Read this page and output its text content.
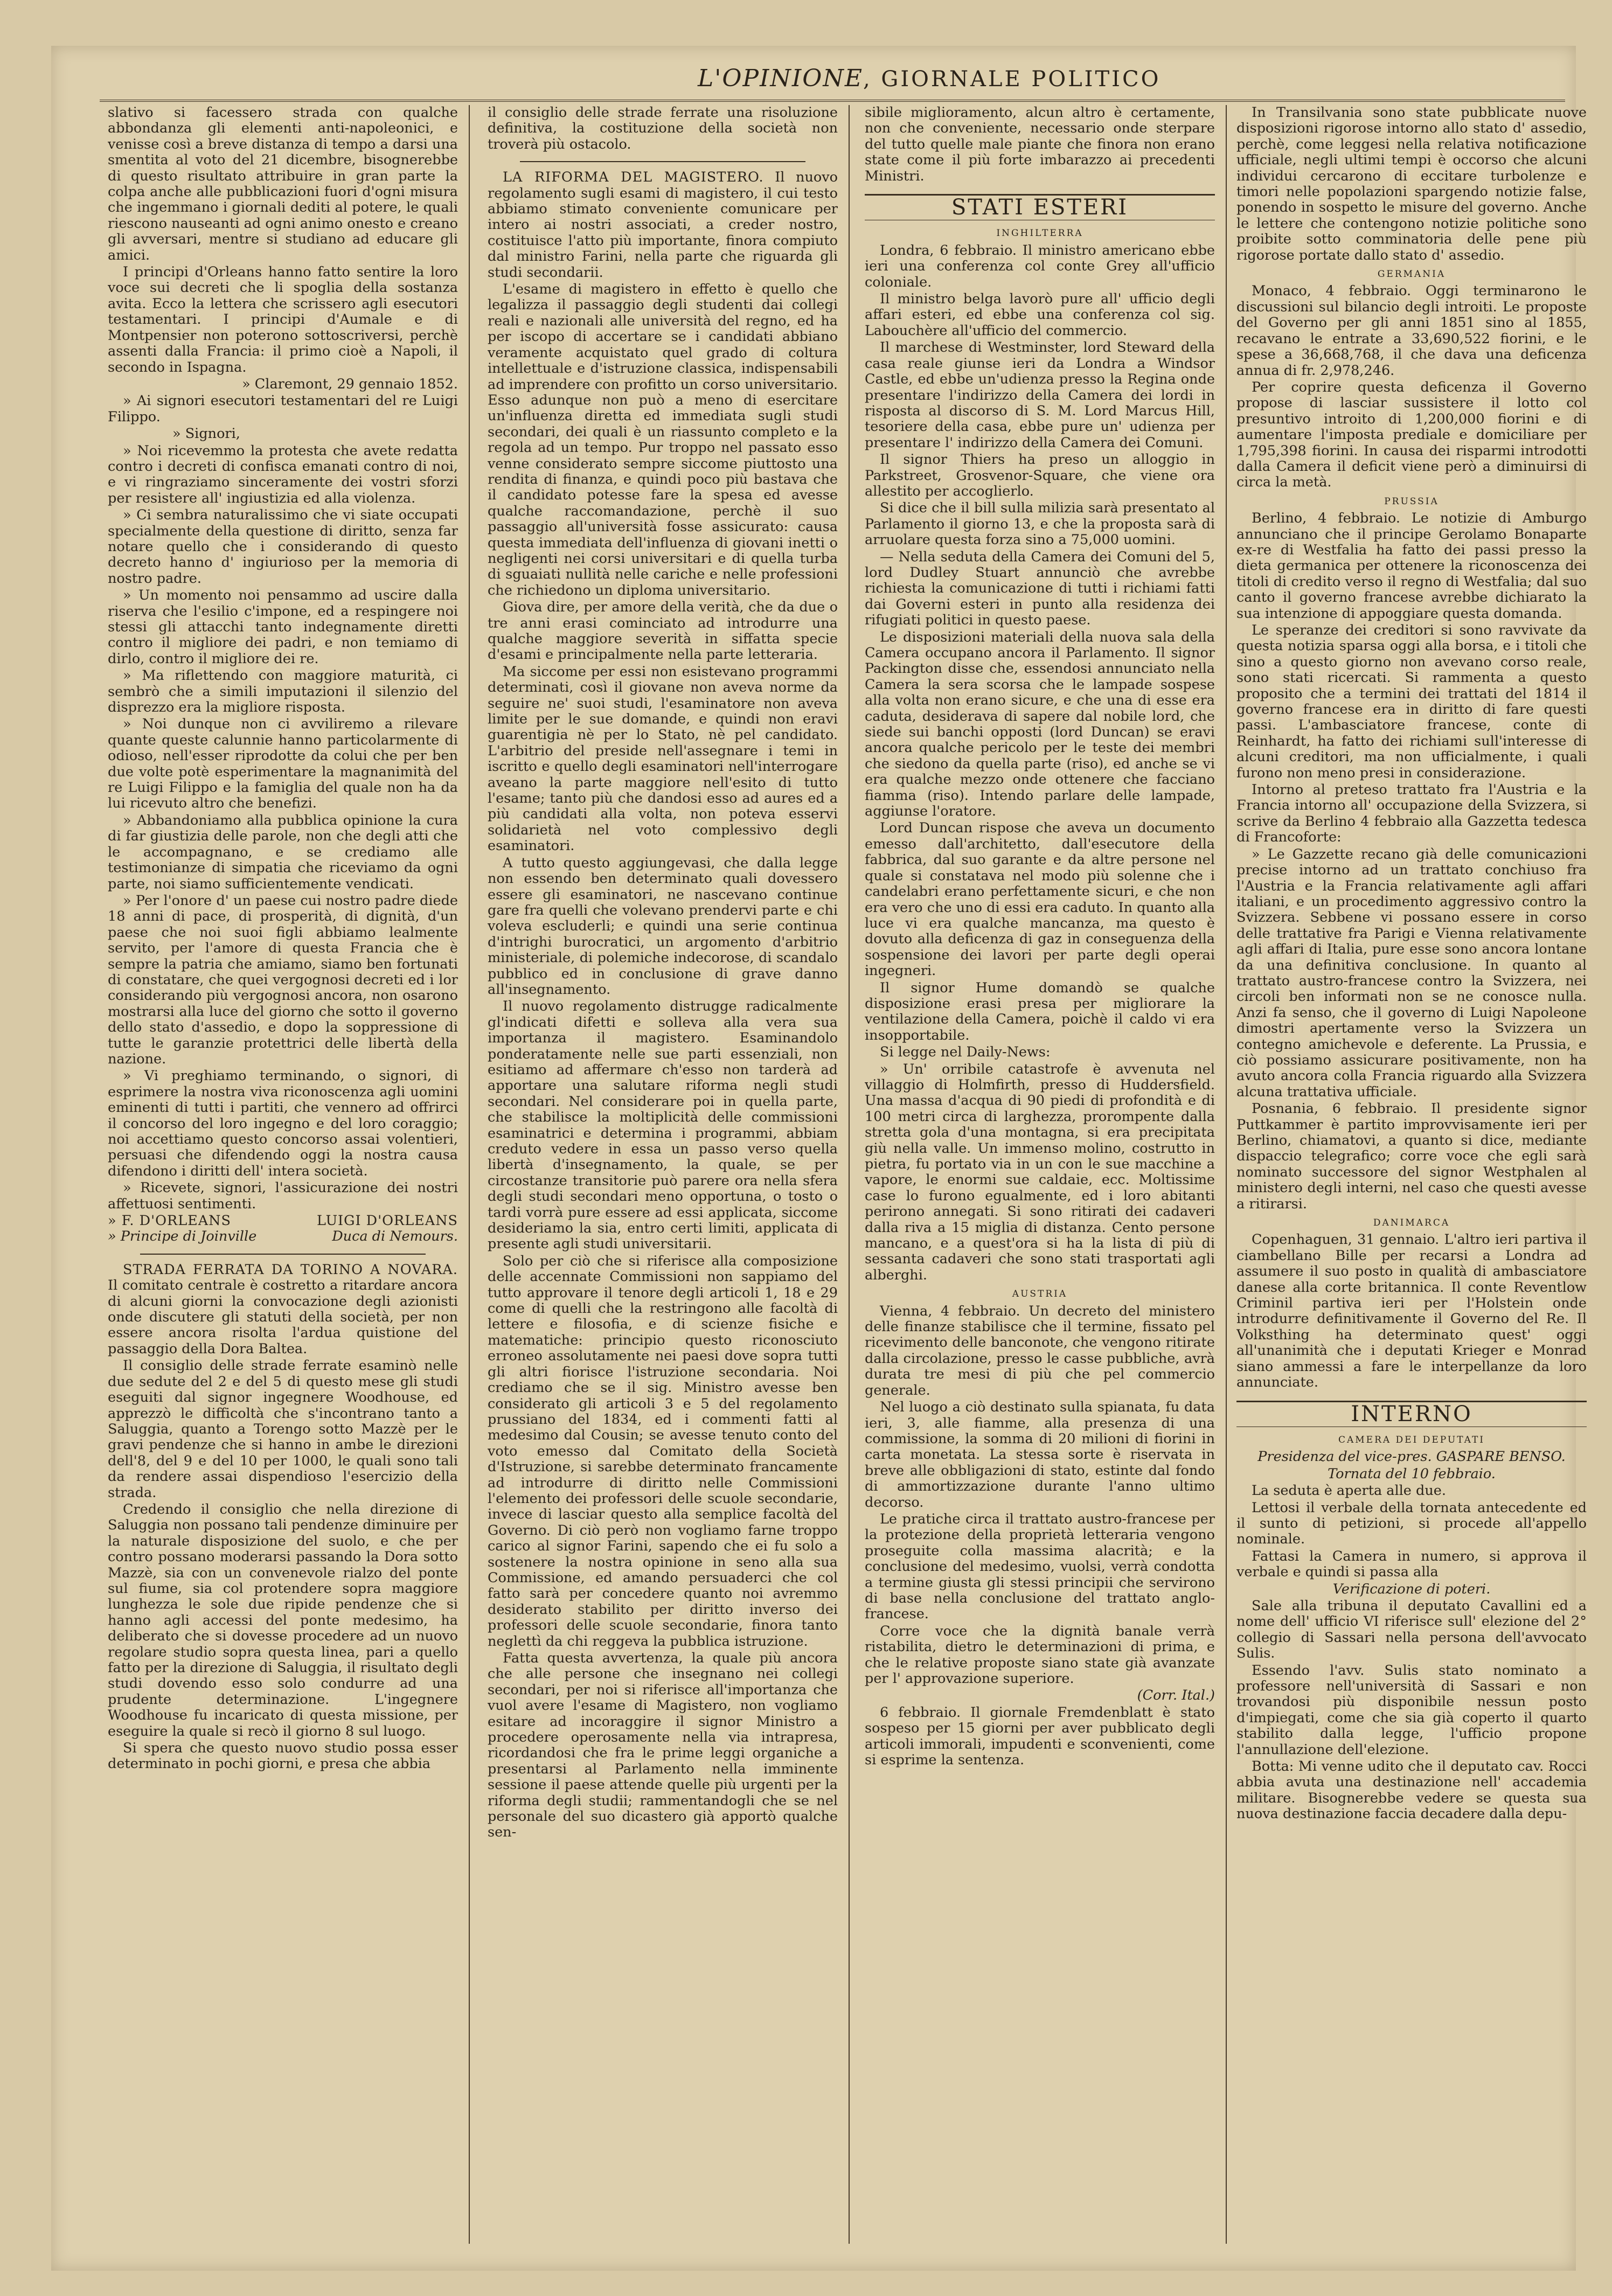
L'OPINIONE, GIORNALE POLITICO

slativo si facessero strada con qualche abbondanza gli elementi anti-napoleonici, e venisse così a breve distanza di tempo a darsi una smentita al voto del 21 dicembre, bisognerebbe di questo risultato attribuire in gran parte la colpa anche alle pubblicazioni fuori d'ogni misura che ingemmano i giornali dediti al potere, le quali riescono nauseanti ad ogni animo onesto e creano gli avversari, mentre si studiano ad educare gli amici.

I principi d'Orleans hanno fatto sentire la loro voce sui decreti che li spoglia della sostanza avita. Ecco la lettera che scrissero agli esecutori testamentari. I principi d'Aumale e di Montpensier non poterono sottoscriversi, perchè assenti dalla Francia: il primo cioè a Napoli, il secondo in Ispagna.

» Claremont, 29 gennaio 1852.

» Ai signori esecutori testamentari del re Luigi Filippo.

» Signori,

» Noi ricevemmo la protesta che avete redatta contro i decreti di confisca emanati contro di noi, e vi ringraziamo sinceramente dei vostri sforzi per resistere all' ingiustizia ed alla violenza.

» Ci sembra naturalissimo che vi siate occupati specialmente della questione di diritto, senza far notare quello che i considerando di questo decreto hanno d' ingiurioso per la memoria di nostro padre.

» Un momento noi pensammo ad uscire dalla riserva che l'esilio c'impone, ed a respingere noi stessi gli attacchi tanto indegnamente diretti contro il migliore dei padri, e non temiamo di dirlo, contro il migliore dei re.

» Ma riflettendo con maggiore maturità, ci sembrò che a simili imputazioni il silenzio del disprezzo era la migliore risposta.

» Noi dunque non ci avviliremo a rilevare quante queste calunnie hanno particolarmente di odioso, nell'esser riprodotte da colui che per ben due volte potè esperimentare la magnanimità del re Luigi Filippo e la famiglia del quale non ha da lui ricevuto altro che benefizi.

» Abbandoniamo alla pubblica opinione la cura di far giustizia delle parole, non che degli atti che le accompagnano, e se crediamo alle testimonianze di simpatia che riceviamo da ogni parte, noi siamo sufficientemente vendicati.

» Per l'onore d' un paese cui nostro padre diede 18 anni di pace, di prosperità, di dignità, d'un paese che noi suoi figli abbiamo lealmente servito, per l'amore di questa Francia che è sempre la patria che amiamo, siamo ben fortunati di constatare, che quei vergognosi decreti ed i lor considerando più vergognosi ancora, non osarono mostrarsi alla luce del giorno che sotto il governo dello stato d'assedio, e dopo la soppressione di tutte le garanzie protettrici delle libertà della nazione.

» Vi preghiamo terminando, o signori, di esprimere la nostra viva riconoscenza agli uomini eminenti di tutti i partiti, che vennero ad offrirci il concorso del loro ingegno e del loro coraggio; noi accettiamo questo concorso assai volentieri, persuasi che difendendo oggi la nostra causa difendono i diritti dell' intera società.

» Ricevete, signori, l'assicurazione dei nostri affettuosi sentimenti.

» F. D'ORLEANS	LUIGI D'ORLEANS
» Principe di Joinville	Duca di Nemours.

STRADA FERRATA DA TORINO A NOVARA. Il comitato centrale è costretto a ritardare ancora di alcuni giorni la convocazione degli azionisti onde discutere gli statuti della società, per non essere ancora risolta l'ardua quistione del passaggio della Dora Baltea.

Il consiglio delle strade ferrate esaminò nelle due sedute del 2 e del 5 di questo mese gli studi eseguiti dal signor ingegnere Woodhouse, ed apprezzò le difficoltà che s'incontrano tanto a Saluggia, quanto a Torengo sotto Mazzè per le gravi pendenze che si hanno in ambe le direzioni dell'8, del 9 e del 10 per 1000, le quali sono tali da rendere assai dispendioso l'esercizio della strada.

Credendo il consiglio che nella direzione di Saluggia non possano tali pendenze diminuire per la naturale disposizione del suolo, e che per contro possano moderarsi passando la Dora sotto Mazzè, sia con un convenevole rialzo del ponte sul fiume, sia col protendere sopra maggiore lunghezza le sole due ripide pendenze che si hanno agli accessi del ponte medesimo, ha deliberato che si dovesse procedere ad un nuovo regolare studio sopra questa linea, pari a quello fatto per la direzione di Saluggia, il risultato degli studi dovendo esso solo condurre ad una prudente determinazione. L'ingegnere Woodhouse fu incaricato di questa missione, per eseguire la quale si recò il giorno 8 sul luogo.

Si spera che questo nuovo studio possa esser determinato in pochi giorni, e presa che abbia

il consiglio delle strade ferrate una risoluzione definitiva, la costituzione della società non troverà più ostacolo.

LA RIFORMA DEL MAGISTERO. Il nuovo regolamento sugli esami di magistero, il cui testo abbiamo stimato conveniente comunicare per intero ai nostri associati, a creder nostro, costituisce l'atto più importante, finora compiuto dal ministro Farini, nella parte che riguarda gli studi secondarii.

L'esame di magistero in effetto è quello che legalizza il passaggio degli studenti dai collegi reali e nazionali alle università del regno, ed ha per iscopo di accertare se i candidati abbiano veramente acquistato quel grado di coltura intellettuale e d'istruzione classica, indispensabili ad imprendere con profitto un corso universitario. Esso adunque non può a meno di esercitare un'influenza diretta ed immediata sugli studi secondari, dei quali è un riassunto completo e la regola ad un tempo. Pur troppo nel passato esso venne considerato sempre siccome piuttosto una rendita di finanza, e quindi poco più bastava che il candidato potesse fare la spesa ed avesse qualche raccomandazione, perchè il suo passaggio all'università fosse assicurato: causa questa immediata dell'influenza di giovani inetti o negligenti nei corsi universitari e di quella turba di sguaiati nullità nelle cariche e nelle professioni che richiedono un diploma universitario.

Giova dire, per amore della verità, che da due o tre anni erasi cominciato ad introdurre una qualche maggiore severità in siffatta specie d'esami e principalmente nella parte letteraria.

Ma siccome per essi non esistevano programmi determinati, così il giovane non aveva norme da seguire ne' suoi studi, l'esaminatore non aveva limite per le sue domande, e quindi non eravi guarentigia nè per lo Stato, nè pel candidato. L'arbitrio del preside nell'assegnare i temi in iscritto e quello degli esaminatori nell'interrogare aveano la parte maggiore nell'esito di tutto l'esame; tanto più che dandosi esso ad aures ed a più candidati alla volta, non poteva esservi solidarietà nel voto complessivo degli esaminatori.

A tutto questo aggiungevasi, che dalla legge non essendo ben determinato quali dovessero essere gli esaminatori, ne nascevano continue gare fra quelli che volevano prendervi parte e chi voleva escluderli; e quindi una serie continua d'intrighi burocratici, un argomento d'arbitrio ministeriale, di polemiche indecorose, di scandalo pubblico ed in conclusione di grave danno all'insegnamento.

Il nuovo regolamento distrugge radicalmente gl'indicati difetti e solleva alla vera sua importanza il magistero. Esaminandolo ponderatamente nelle sue parti essenziali, non esitiamo ad affermare ch'esso non tarderà ad apportare una salutare riforma negli studi secondari. Nel considerare poi in quella parte, che stabilisce la moltiplicità delle commissioni esaminatrici e determina i programmi, abbiam creduto vedere in essa un passo verso quella libertà d'insegnamento, la quale, se per circostanze transitorie può parere ora nella sfera degli studi secondari meno opportuna, o tosto o tardi vorrà pure essere ad essi applicata, siccome desideriamo la sia, entro certi limiti, applicata di presente agli studi universitarii.

Solo per ciò che si riferisce alla composizione delle accennate Commissioni non sappiamo del tutto approvare il tenore degli articoli 1, 18 e 29 come di quelli che la restringono alle facoltà di lettere e filosofia, e di scienze fisiche e matematiche: principio questo riconosciuto erroneo assolutamente nei paesi dove sopra tutti gli altri fiorisce l'istruzione secondaria. Noi crediamo che se il sig. Ministro avesse ben considerato gli articoli 3 e 5 del regolamento prussiano del 1834, ed i commenti fatti al medesimo dal Cousin; se avesse tenuto conto del voto emesso dal Comitato della Società d'Istruzione, si sarebbe determinato francamente ad introdurre di diritto nelle Commissioni l'elemento dei professori delle scuole secondarie, invece di lasciar questo alla semplice facoltà del Governo. Di ciò però non vogliamo farne troppo carico al signor Farini, sapendo che ei fu solo a sostenere la nostra opinione in seno alla sua Commissione, ed amando persuaderci che col fatto sarà per concedere quanto noi avremmo desiderato stabilito per diritto inverso dei professori delle scuole secondarie, finora tanto neglettì da chi reggeva la pubblica istruzione.

Fatta questa avvertenza, la quale più ancora che alle persone che insegnano nei collegi secondari, per noi si riferisce all'importanza che vuol avere l'esame di Magistero, non vogliamo esitare ad incoraggire il signor Ministro a procedere operosamente nella via intrapresa, ricordandosi che fra le prime leggi organiche a presentarsi al Parlamento nella imminente sessione il paese attende quelle più urgenti per la riforma degli studii; rammentandogli che se nel personale del suo dicastero già apportò qualche sen-

sibile miglioramento, alcun altro è certamente, non che conveniente, necessario onde sterpare del tutto quelle male piante che finora non erano state come il più forte imbarazzo ai precedenti Ministri.

STATI ESTERI
INGHILTERRA

Londra, 6 febbraio. Il ministro americano ebbe ieri una conferenza col conte Grey all'ufficio coloniale.

Il ministro belga lavorò pure all' ufficio degli affari esteri, ed ebbe una conferenza col sig. Labouchère all'ufficio del commercio.

Il marchese di Westminster, lord Steward della casa reale giunse ieri da Londra a Windsor Castle, ed ebbe un'udienza presso la Regina onde presentare l'indirizzo della Camera dei lordi in risposta al discorso di S. M. Lord Marcus Hill, tesoriere della casa, ebbe pure un' udienza per presentare l' indirizzo della Camera dei Comuni.

Il signor Thiers ha preso un alloggio in Parkstreet, Grosvenor-Square, che viene ora allestito per accoglierlo.

Si dice che il bill sulla milizia sarà presentato al Parlamento il giorno 13, e che la proposta sarà di arruolare questa forza sino a 75,000 uomini.

— Nella seduta della Camera dei Comuni del 5, lord Dudley Stuart annunciò che avrebbe richiesta la comunicazione di tutti i richiami fatti dai Governi esteri in punto alla residenza dei rifugiati politici in questo paese.

Le disposizioni materiali della nuova sala della Camera occupano ancora il Parlamento. Il signor Packington disse che, essendosi annunciato nella Camera la sera scorsa che le lampade sospese alla volta non erano sicure, e che una di esse era caduta, desiderava di sapere dal nobile lord, che siede sui banchi opposti (lord Duncan) se eravi ancora qualche pericolo per le teste dei membri che siedono da quella parte (riso), ed anche se vi era qualche mezzo onde ottenere che facciano fiamma (riso). Intendo parlare delle lampade, aggiunse l'oratore.

Lord Duncan rispose che aveva un documento emesso dall'architetto, dall'esecutore della fabbrica, dal suo garante e da altre persone nel quale si constatava nel modo più solenne che i candelabri erano perfettamente sicuri, e che non era vero che uno di essi era caduto. In quanto alla luce vi era qualche mancanza, ma questo è dovuto alla deficenza di gaz in conseguenza della sospensione dei lavori per parte degli operai ingegneri.

Il signor Hume domandò se qualche disposizione erasi presa per migliorare la ventilazione della Camera, poichè il caldo vi era insopportabile.

Si legge nel Daily-News:

» Un' orribile catastrofe è avvenuta nel villaggio di Holmfirth, presso di Huddersfield. Una massa d'acqua di 90 piedi di profondità e di 100 metri circa di larghezza, prorompente dalla stretta gola d'una montagna, si era precipitata giù nella valle. Un immenso molino, costrutto in pietra, fu portato via in un con le sue macchine a vapore, le enormi sue caldaie, ecc. Moltissime case lo furono egualmente, ed i loro abitanti perirono annegati. Si sono ritirati dei cadaveri dalla riva a 15 miglia di distanza. Cento persone mancano, e a quest'ora si ha la lista di più di sessanta cadaveri che sono stati trasportati agli alberghi.

AUSTRIA

Vienna, 4 febbraio. Un decreto del ministero delle finanze stabilisce che il termine, fissato pel ricevimento delle banconote, che vengono ritirate dalla circolazione, presso le casse pubbliche, avrà durata tre mesi di più che pel commercio generale.

Nel luogo a ciò destinato sulla spianata, fu data ieri, 3, alle fiamme, alla presenza di una commissione, la somma di 20 milioni di fiorini in carta monetata. La stessa sorte è riservata in breve alle obbligazioni di stato, estinte dal fondo di ammortizzazione durante l'anno ultimo decorso.

Le pratiche circa il trattato austro-francese per la protezione della proprietà letteraria vengono proseguite colla massima alacrità; e la conclusione del medesimo, vuolsi, verrà condotta a termine giusta gli stessi principii che servirono di base nella conclusione del trattato anglo-francese.

Corre voce che la dignità banale verrà ristabilita, dietro le determinazioni di prima, e che le relative proposte siano state già avanzate per l' approvazione superiore.

(Corr. Ital.)

6 febbraio. Il giornale Fremdenblatt è stato sospeso per 15 giorni per aver pubblicato degli articoli immorali, impudenti e sconvenienti, come si esprime la sentenza.

In Transilvania sono state pubblicate nuove disposizioni rigorose intorno allo stato d' assedio, perchè, come leggesi nella relativa notificazione ufficiale, negli ultimi tempi è occorso che alcuni individui cercarono di eccitare turbolenze e timori nelle popolazioni spargendo notizie false, ponendo in sospetto le misure del governo. Anche le lettere che contengono notizie politiche sono proibite sotto comminatoria delle pene più rigorose portate dallo stato d' assedio.

GERMANIA

Monaco, 4 febbraio. Oggi terminarono le discussioni sul bilancio degli introiti. Le proposte del Governo per gli anni 1851 sino al 1855, recavano le entrate a 33,690,522 fiorini, e le spese a 36,668,768, il che dava una deficenza annua di fr. 2,978,246.

Per coprire questa deficenza il Governo propose di lasciar sussistere il lotto col presuntivo introito di 1,200,000 fiorini e di aumentare l'imposta prediale e domiciliare per 1,795,398 fiorini. In causa dei risparmi introdotti dalla Camera il deficit viene però a diminuirsi di circa la metà.

PRUSSIA

Berlino, 4 febbraio. Le notizie di Amburgo annunciano che il principe Gerolamo Bonaparte ex-re di Westfalia ha fatto dei passi presso la dieta germanica per ottenere la riconoscenza dei titoli di credito verso il regno di Westfalia; dal suo canto il governo francese avrebbe dichiarato la sua intenzione di appoggiare questa domanda.

Le speranze dei creditori si sono ravvivate da questa notizia sparsa oggi alla borsa, e i titoli che sino a questo giorno non avevano corso reale, sono stati ricercati. Si rammenta a questo proposito che a termini dei trattati del 1814 il governo francese era in diritto di fare questi passi. L'ambasciatore francese, conte di Reinhardt, ha fatto dei richiami sull'interesse di alcuni creditori, ma non ufficialmente, i quali furono non meno presi in considerazione.

Intorno al preteso trattato fra l'Austria e la Francia intorno all' occupazione della Svizzera, si scrive da Berlino 4 febbraio alla Gazzetta tedesca di Francoforte:

» Le Gazzette recano già delle comunicazioni precise intorno ad un trattato conchiuso fra l'Austria e la Francia relativamente agli affari italiani, e un procedimento aggressivo contro la Svizzera. Sebbene vi possano essere in corso delle trattative fra Parigi e Vienna relativamente agli affari di Italia, pure esse sono ancora lontane da una definitiva conclusione. In quanto al trattato austro-francese contro la Svizzera, nei circoli ben informati non se ne conosce nulla. Anzi fa senso, che il governo di Luigi Napoleone dimostri apertamente verso la Svizzera un contegno amichevole e deferente. La Prussia, e ciò possiamo assicurare positivamente, non ha avuto ancora colla Francia riguardo alla Svizzera alcuna trattativa ufficiale.

Posnania, 6 febbraio. Il presidente signor Puttkammer è partito improvvisamente ieri per Berlino, chiamatovi, a quanto si dice, mediante dispaccio telegrafico; corre voce che egli sarà nominato successore del signor Westphalen al ministero degli interni, nel caso che questi avesse a ritirarsi.

DANIMARCA

Copenhaguen, 31 gennaio. L'altro ieri partiva il ciambellano Bille per recarsi a Londra ad assumere il suo posto in qualità di ambasciatore danese alla corte britannica. Il conte Reventlow Criminil partiva ieri per l'Holstein onde introdurre definitivamente il Governo del Re. Il Volksthing ha determinato quest' oggi all'unanimità che i deputati Krieger e Monrad siano ammessi a fare le interpellanze da loro annunciate.

INTERNO
CAMERA DEI DEPUTATI

Presidenza del vice-pres. GASPARE BENSO.

Tornata del 10 febbraio.

La seduta è aperta alle due.

Lettosi il verbale della tornata antecedente ed il sunto di petizioni, si procede all'appello nominale.

Fattasi la Camera in numero, si approva il verbale e quindi si passa alla

Verificazione di poteri.

Sale alla tribuna il deputato Cavallini ed a nome dell' ufficio VI riferisce sull' elezione del 2° collegio di Sassari nella persona dell'avvocato Sulis.

Essendo l'avv. Sulis stato nominato a professore nell'università di Sassari e non trovandosi più disponibile nessun posto d'impiegati, come che sia già coperto il quarto stabilito dalla legge, l'ufficio propone l'annullazione dell'elezione.

Botta: Mi venne udito che il deputato cav. Rocci abbia avuta una destinazione nell' accademia militare. Bisognerebbe vedere se questa sua nuova destinazione faccia decadere dalla depu-
